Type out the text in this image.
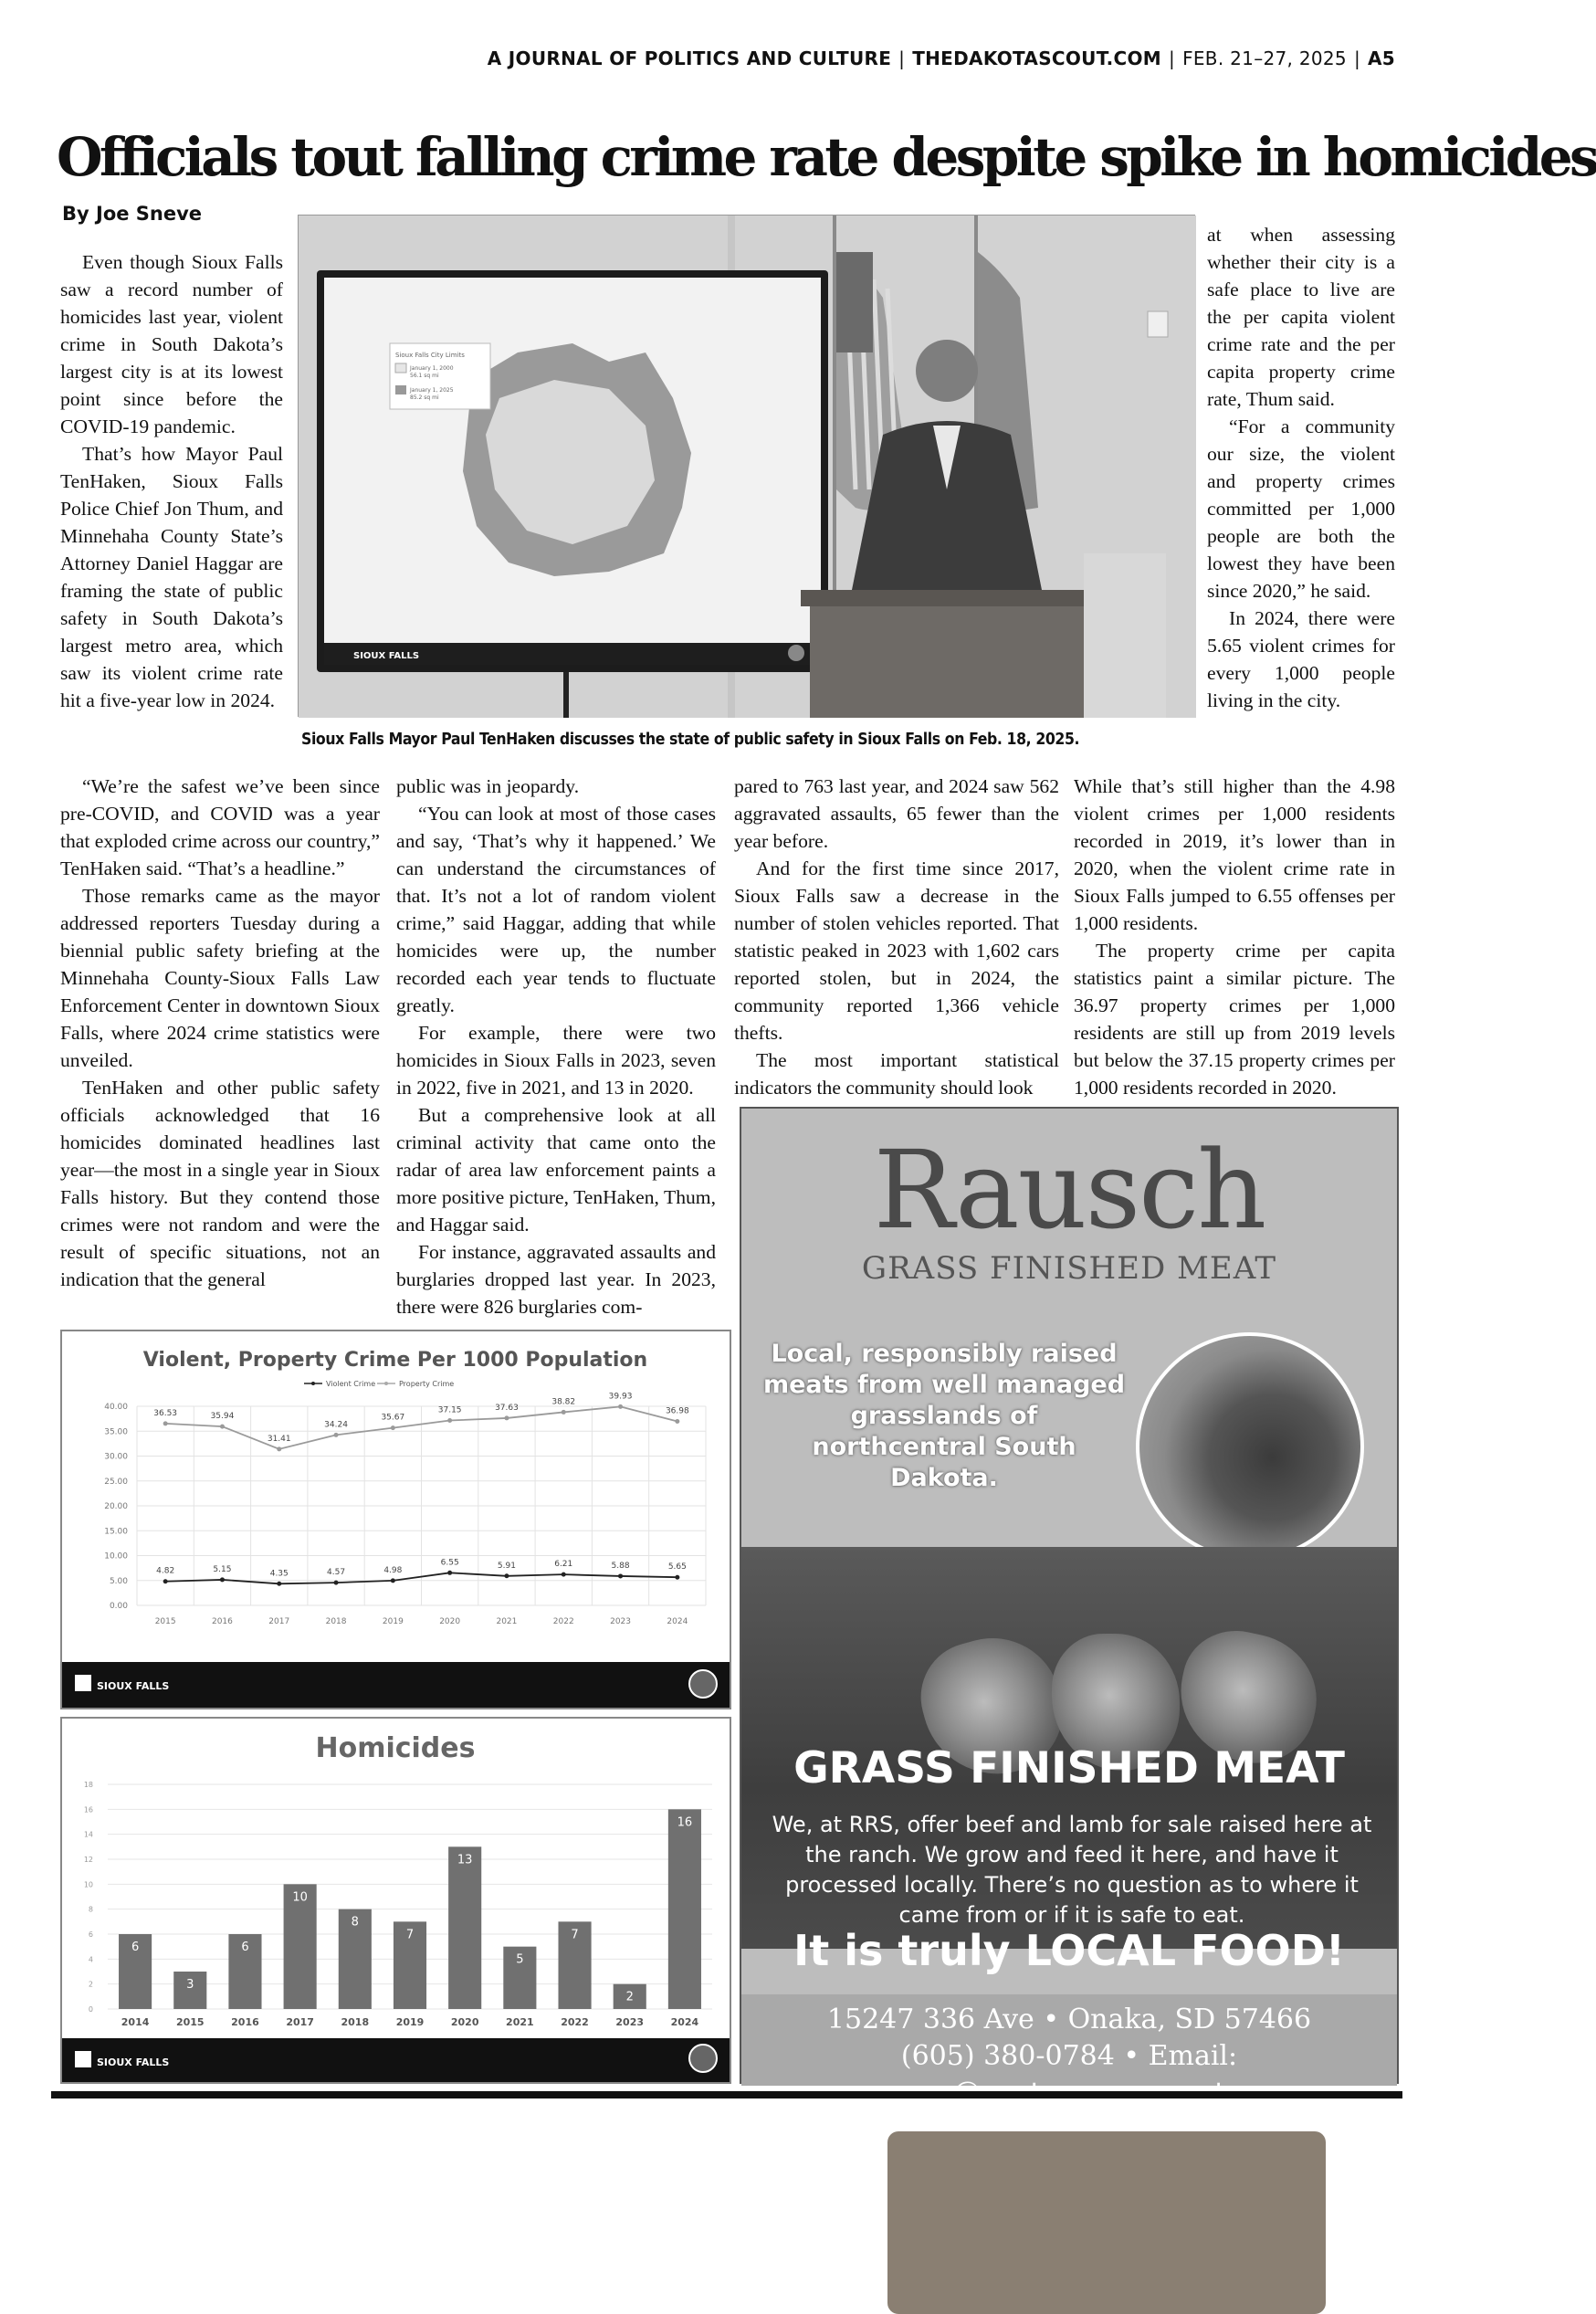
A JOURNAL OF POLITICS AND CULTURE | THEDAKOTASCOUT.COM | FEB. 21–27, 2025 | A5
Officials tout falling crime rate despite spike in homicides
By Joe Sneve

Even though Sioux Falls saw a record number of homicides last year, violent crime in South Dakota’s largest city is at its lowest point since before the COVID-19 pandemic.

That’s how Mayor Paul TenHaken, Sioux Falls Police Chief Jon Thum, and Minnehaha County State’s Attorney Daniel Haggar are framing the state of public safety in South Dakota’s largest metro area, which saw its violent crime rate hit a five-year low in 2024.

“We’re the safest we’ve been since pre-COVID, and COVID was a year that exploded crime across our country,” TenHaken said. “That’s a headline.”

Those remarks came as the mayor addressed reporters Tuesday during a biennial public safety briefing at the Minnehaha County-Sioux Falls Law Enforcement Center in downtown Sioux Falls, where 2024 crime statistics were unveiled.

TenHaken and other public safety officials acknowledged that 16 homicides dominated headlines last year—the most in a single year in Sioux Falls history. But they contend those crimes were not random and were the result of specific situations, not an indication that the general

public was in jeopardy.

“You can look at most of those cases and say, ‘That’s why it happened.’ We can understand the circumstances of that. It’s not a lot of random violent crime,” said Haggar, adding that while homicides were up, the number recorded each year tends to fluctuate greatly.

For example, there were two homicides in Sioux Falls in 2023, seven in 2022, five in 2021, and 13 in 2020.

But a comprehensive look at all criminal activity that came onto the radar of area law enforcement paints a more positive picture, TenHaken, Thum, and Haggar said.

For instance, aggravated assaults and burglaries dropped last year. In 2023, there were 826 burglaries com-

pared to 763 last year, and 2024 saw 562 aggravated assaults, 65 fewer than the year before.

And for the first time since 2017, Sioux Falls saw a decrease in the number of stolen vehicles reported. That statistic peaked in 2023 with 1,602 cars reported stolen, but in 2024, the community reported 1,366 vehicle thefts.

The most important statistical indicators the community should look

at when assessing whether their city is a safe place to live are the per capita violent crime rate and the per capita property crime rate, Thum said.

“For a community our size, the violent and property crimes committed per 1,000 people are both the lowest they have been since 2020,” he said.

In 2024, there were 5.65 violent crimes for every 1,000 people living in the city.

While that’s still higher than the 4.98 violent crimes per 1,000 residents recorded in 2019, it’s lower than in 2020, when the violent crime rate in Sioux Falls jumped to 6.55 offenses per 1,000 residents.

The property crime per capita statistics paint a similar picture. The 36.97 property crimes per 1,000 residents are still up from 2019 levels but below the 37.15 property crimes per 1,000 residents recorded in 2020.

SIOUX FALLS
Sioux Falls City Limits
January 1, 2000
56.1 sq mi
January 1, 2025
85.2 sq mi
Sioux Falls Mayor Paul TenHaken discusses the state of public safety in Sioux Falls on Feb. 18, 2025.
Violent, Property Crime Per 1000 Population
Violent Crime	Property Crime
0.00
5.00
10.00
15.00
20.00
25.00
30.00
35.00
40.00
2015	2016	2017	2018	2019	2020	2021	2022	2023	2024
4.82	5.15	4.35	4.57	4.98
6.55	5.91	6.21	5.88	5.65
36.53	35.94
31.41
34.24
35.67
37.15	37.63
38.82
39.93
36.98
SIOUX FALLS
Homicides
0
2
4
6
8
10
12
14
16
18
6
2014
3
2015
6
2016
10
2017
8
2018
7
2019
13
2020
5
2021
7
2022
2
2023
16
2024
SIOUX FALLS
Rausch
GRASS FINISHED MEAT
Local, responsibly raised meats from well managed grasslands of northcentral South Dakota.
GRASS FINISHED MEAT
We, at RRS, offer beef and lamb for sale raised here at the ranch. We grow and feed it here, and have it processed locally. There’s no question as to where it came from or if it is safe to eat.
It is truly LOCAL FOOD!
15247 336 Ave • Onaka, SD 57466
(605) 380-0784 • Email:
